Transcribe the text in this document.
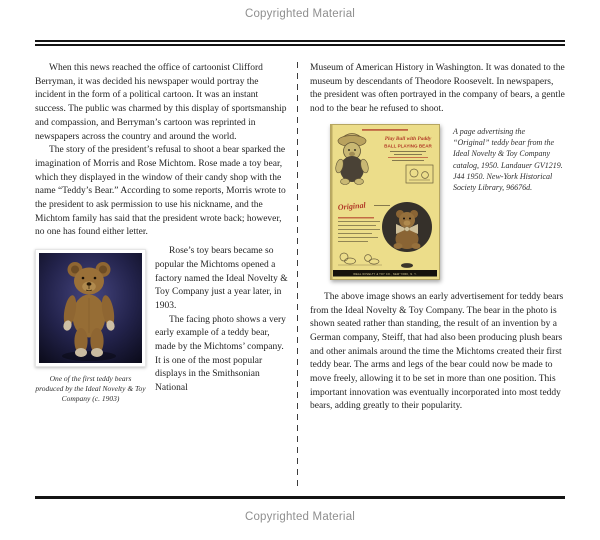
Copyrighted Material

When this news reached the office of cartoonist Clifford Berryman, it was decided his newspaper would portray the incident in the form of a political cartoon. It was an instant success. The public was charmed by this display of sportsmanship and compassion, and Berryman’s cartoon was reprinted in newspapers across the country and around the world.

The story of the president’s refusal to shoot a bear sparked the imagination of Morris and Rose Michtom. Rose made a toy bear, which they displayed in the window of their candy shop with the name “Teddy’s Bear.” According to some reports, Morris wrote to the president to ask permission to use his nickname, and the Michtom family has said that the president wrote back; however, no one has found either letter.

One of the first teddy bears produced by the Ideal Novelty & Toy Company (c. 1903)

Rose’s toy bears became so popular the Michtoms opened a factory named the Ideal Novelty & Toy Company just a year later, in 1903.

The facing photo shows a very early example of a teddy bear, made by the Michtoms’ company. It is one of the most popular displays in the Smithsonian National

Museum of American History in Washington. It was donated to the museum by descendants of Theodore Roosevelt. In newspapers, the president was often portrayed in the company of bears, a gentle nod to the bear he refused to shoot.

Play Ball with Paddy
BALL PLAYING BEAR
Original
IDEAL NOVELTY & TOY CO., NEW YORK, N. Y.
A page advertising the “Original” teddy bear from the Ideal Novelty & Toy Company catalog, 1950. Landauer GV1219. J44 1950. New-York Historical Society Library, 96676d.

The above image shows an early advertisement for teddy bears from the Ideal Novelty & Toy Company. The bear in the photo is shown seated rather than standing, the result of an invention by a German company, Steiff, that had also been producing plush bears and other animals around the time the Michtoms created their first teddy bear. The arms and legs of the bear could now be made to move freely, allowing it to be set in more than one position. This important innovation was eventually incorporated into most teddy bears, adding greatly to their popularity.

Copyrighted Material
